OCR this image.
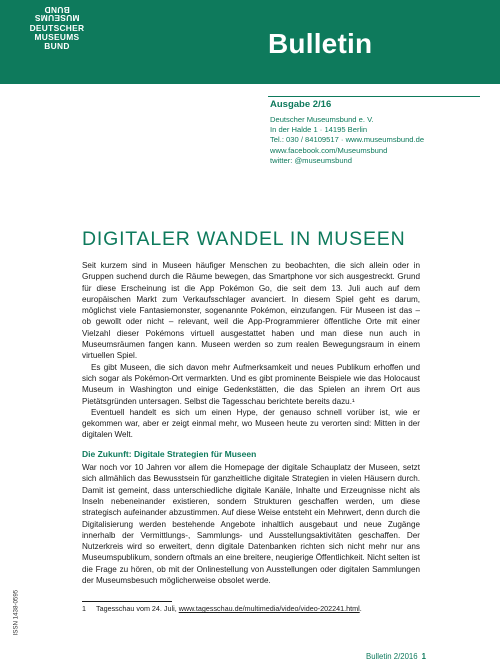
MUSEUMS
BUND
DEUTSCHER
MUSEUMS
BUND	Bulletin
Ausgabe 2/16
Deutscher Museumsbund e. V.
In der Halde 1 · 14195 Berlin
Tel.: 030 / 84109517 · www.museumsbund.de
www.facebook.com/Museumsbund
twitter: @museumsbund
DIGITALER WANDEL IN MUSEEN

Seit kurzem sind in Museen häufiger Menschen zu beobachten, die sich allein oder in Gruppen suchend durch die Räume bewegen, das Smartphone vor sich ausgestreckt. Grund für diese Erscheinung ist die App Pokémon Go, die seit dem 13. Juli auch auf dem europäischen Markt zum Verkaufsschlager avanciert. In diesem Spiel geht es darum, möglichst viele Fantasiemonster, sogenannte Pokémon, einzufangen. Für Museen ist das – ob gewollt oder nicht – relevant, weil die App-Programmierer öffentliche Orte mit einer Vielzahl dieser Pokémons virtuell ausgestattet haben und man diese nun auch in Museumsräumen fangen kann. Museen werden so zum realen Bewegungsraum in einem virtuellen Spiel.

Es gibt Museen, die sich davon mehr Aufmerksamkeit und neues Publikum erhoffen und sich sogar als Pokémon-Ort vermarkten. Und es gibt prominente Beispiele wie das Holocaust Museum in Washington und einige Gedenkstätten, die das Spielen an ihrem Ort aus Pietätsgründen untersagen. Selbst die Tagesschau berichtete bereits dazu.¹

Eventuell handelt es sich um einen Hype, der genauso schnell vorüber ist, wie er gekommen war, aber er zeigt einmal mehr, wo Museen heute zu verorten sind: Mitten in der digitalen Welt.

Die Zukunft: Digitale Strategien für Museen

War noch vor 10 Jahren vor allem die Homepage der digitale Schauplatz der Museen, setzt sich allmählich das Bewusstsein für ganzheitliche digitale Strategien in vielen Häusern durch. Damit ist gemeint, dass unterschiedliche digitale Kanäle, Inhalte und Erzeugnisse nicht als Inseln nebeneinander existieren, sondern Strukturen geschaffen werden, um diese strategisch aufeinander abzustimmen. Auf diese Weise entsteht ein Mehrwert, denn durch die Digitalisierung werden bestehende Angebote inhaltlich ausgebaut und neue Zugänge innerhalb der Vermittlungs-, Sammlungs- und Ausstellungsaktivitäten geschaffen. Der Nutzerkreis wird so erweitert, denn digitale Datenbanken richten sich nicht mehr nur ans Museumspublikum, sondern oftmals an eine breitere, neugierige Öffentlichkeit. Nicht selten ist die Frage zu hören, ob mit der Onlinestellung von Ausstellungen oder digitalen Sammlungen der Museumsbesuch möglicherweise obsolet werde.

1 Tagesschau vom 24. Juli, www.tagesschau.de/multimedia/video/video-202241.html.
ISSN 1438-0595
Bulletin 2/2016 1
